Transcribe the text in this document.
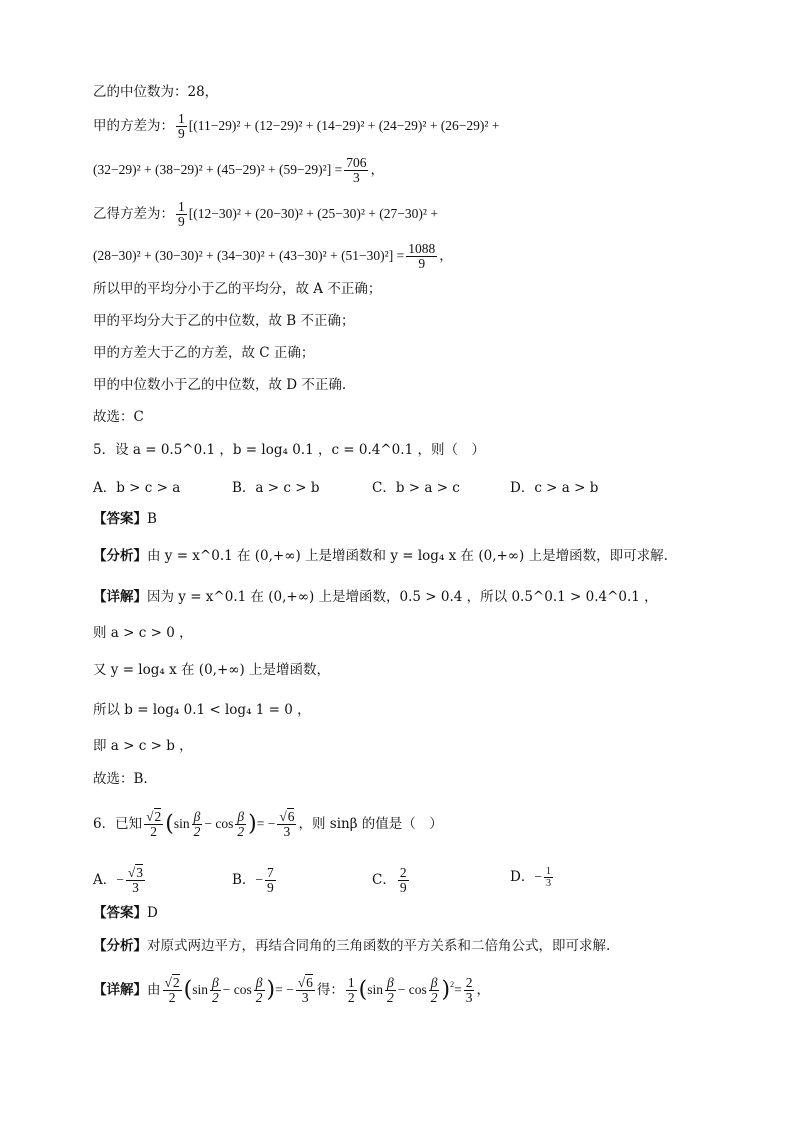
乙的中位数为：28，
甲的方差为： $\frac{1}{9} [(11-29)^2 + (12-29)^2 + (14-29)^2 + (24-29)^2 + (26-29)^2$ +
$(32-29)^2 + (38-29)^2 + (45-29)^2 + (59-29)^2] = \frac{706}{3}$ ，
乙得方差为： $\frac{1}{9} [(12-30)^2 + (20-30)^2 + (25-30)^2 + (27-30)^2$ +
$(28-30)^2 + (30-30)^2 + (34-30)^2 + (43-30)^2 + (51-30)^2] = \frac{1088}{9}$ ，
所以甲的平均分小于乙的平均分，故 A 不正确；
甲的平均分大于乙的中位数，故 B 不正确；
甲的方差大于乙的方差，故 C 正确；
甲的中位数小于乙的中位数，故 D 不正确.
故选：C
5．设 a = 0.5^0.1 ，b = log₄ 0.1 ，c = 0.4^0.1 ，则（　）
A．b > c > a	B．a > c > b	C．b > a > c	D．c > a > b
【答案】B
【分析】由 y = x^0.1 在 (0,+∞) 上是增函数和 y = log₄ x 在 (0,+∞) 上是增函数，即可求解.
【详解】因为 y = x^0.1 在 (0,+∞) 上是增函数，0.5 > 0.4 ，所以 0.5^0.1 > 0.4^0.1 ，
则 a > c > 0 ，
又 y = log₄ x 在 (0,+∞) 上是增函数，
所以 b = log₄ 0.1 < log₄ 1 = 0 ，
即 a > c > b ，
故选：B.
6．已知 $\frac{√2}{2} (\sin \frac{\beta}{2} - \cos \frac{\beta}{2}$ )= − $\frac{√6}{3}$ ，则 sinβ 的值是（　）
A．− $\frac{√3}{3}$	B．− $\frac{7}{9}$	C． $\frac{2}{9}$	D．− $\frac{1}{3}$
【答案】D
【分析】对原式两边平方，再结合同角的三角函数的平方关系和二倍角公式，即可求解.
【详解】由 $\frac{√2}{2} (\sin \frac{\beta}{2} - \cos \frac{\beta}{2}$ )= − $\frac{√6}{3}$ 得： $\frac{1}{2} (\sin \frac{\beta}{2} - \cos \frac{\beta}{2} )^2= \frac{2}{3}$ ，
